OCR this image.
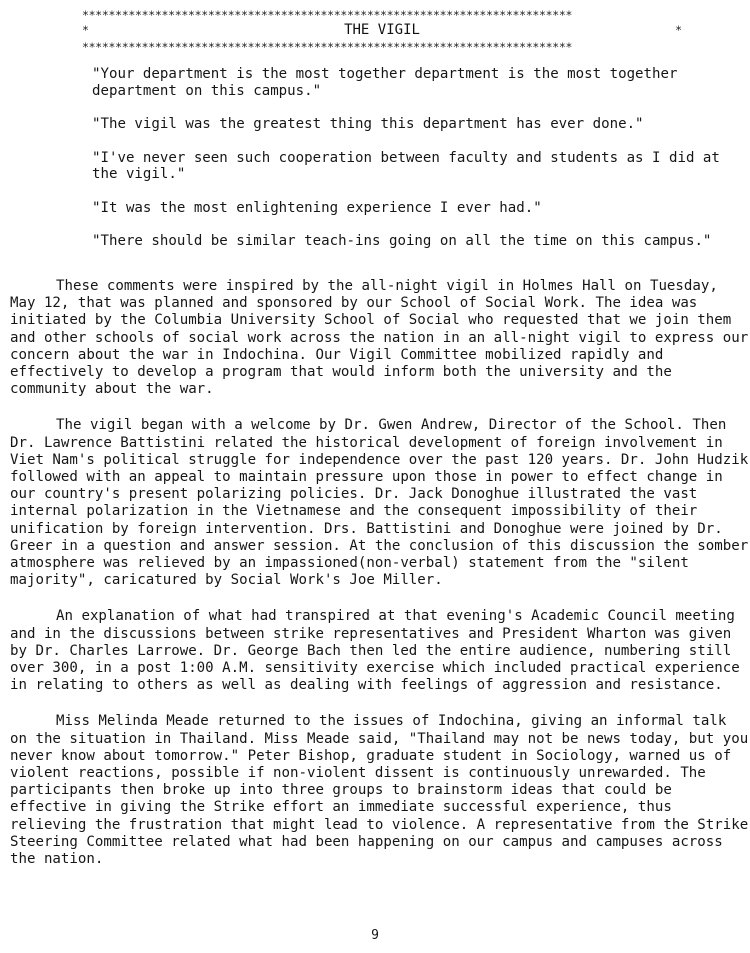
**************************************************************************
*	THE VIGIL	*
**************************************************************************

"Your department is the most together department is the most together department on this campus."

"The vigil was the greatest thing this department has ever done."

"I've never seen such cooperation between faculty and students as I did at the vigil."

"It was the most enlightening experience I ever had."

"There should be similar teach-ins going on all the time on this campus."

These comments were inspired by the all-night vigil in Holmes Hall on Tuesday, May 12, that was planned and sponsored by our School of Social Work. The idea was initiated by the Columbia University School of Social who requested that we join them and other schools of social work across the nation in an all-night vigil to express our concern about the war in Indochina. Our Vigil Committee mobilized rapidly and effectively to develop a program that would inform both the university and the community about the war.

The vigil began with a welcome by Dr. Gwen Andrew, Director of the School. Then Dr. Lawrence Battistini related the historical development of foreign involvement in Viet Nam's political struggle for independence over the past 120 years. Dr. John Hudzik followed with an appeal to maintain pressure upon those in power to effect change in our country's present polarizing policies. Dr. Jack Donoghue illustrated the vast internal polarization in the Vietnamese and the consequent impossibility of their unification by foreign intervention. Drs. Battistini and Donoghue were joined by Dr. Greer in a question and answer session. At the conclusion of this discussion the somber atmosphere was relieved by an impassioned(non-verbal) statement from the "silent majority", caricatured by Social Work's Joe Miller.

An explanation of what had transpired at that evening's Academic Council meeting and in the discussions between strike representatives and President Wharton was given by Dr. Charles Larrowe. Dr. George Bach then led the entire audience, numbering still over 300, in a post 1:00 A.M. sensitivity exercise which included practical experience in relating to others as well as dealing with feelings of aggression and resistance.

Miss Melinda Meade returned to the issues of Indochina, giving an informal talk on the situation in Thailand. Miss Meade said, "Thailand may not be news today, but you never know about tomorrow." Peter Bishop, graduate student in Sociology, warned us of violent reactions, possible if non-violent dissent is continuously unrewarded. The participants then broke up into three groups to brainstorm ideas that could be effective in giving the Strike effort an immediate successful experience, thus relieving the frustration that might lead to violence. A representative from the Strike Steering Committee related what had been happening on our campus and campuses across the nation.

9
